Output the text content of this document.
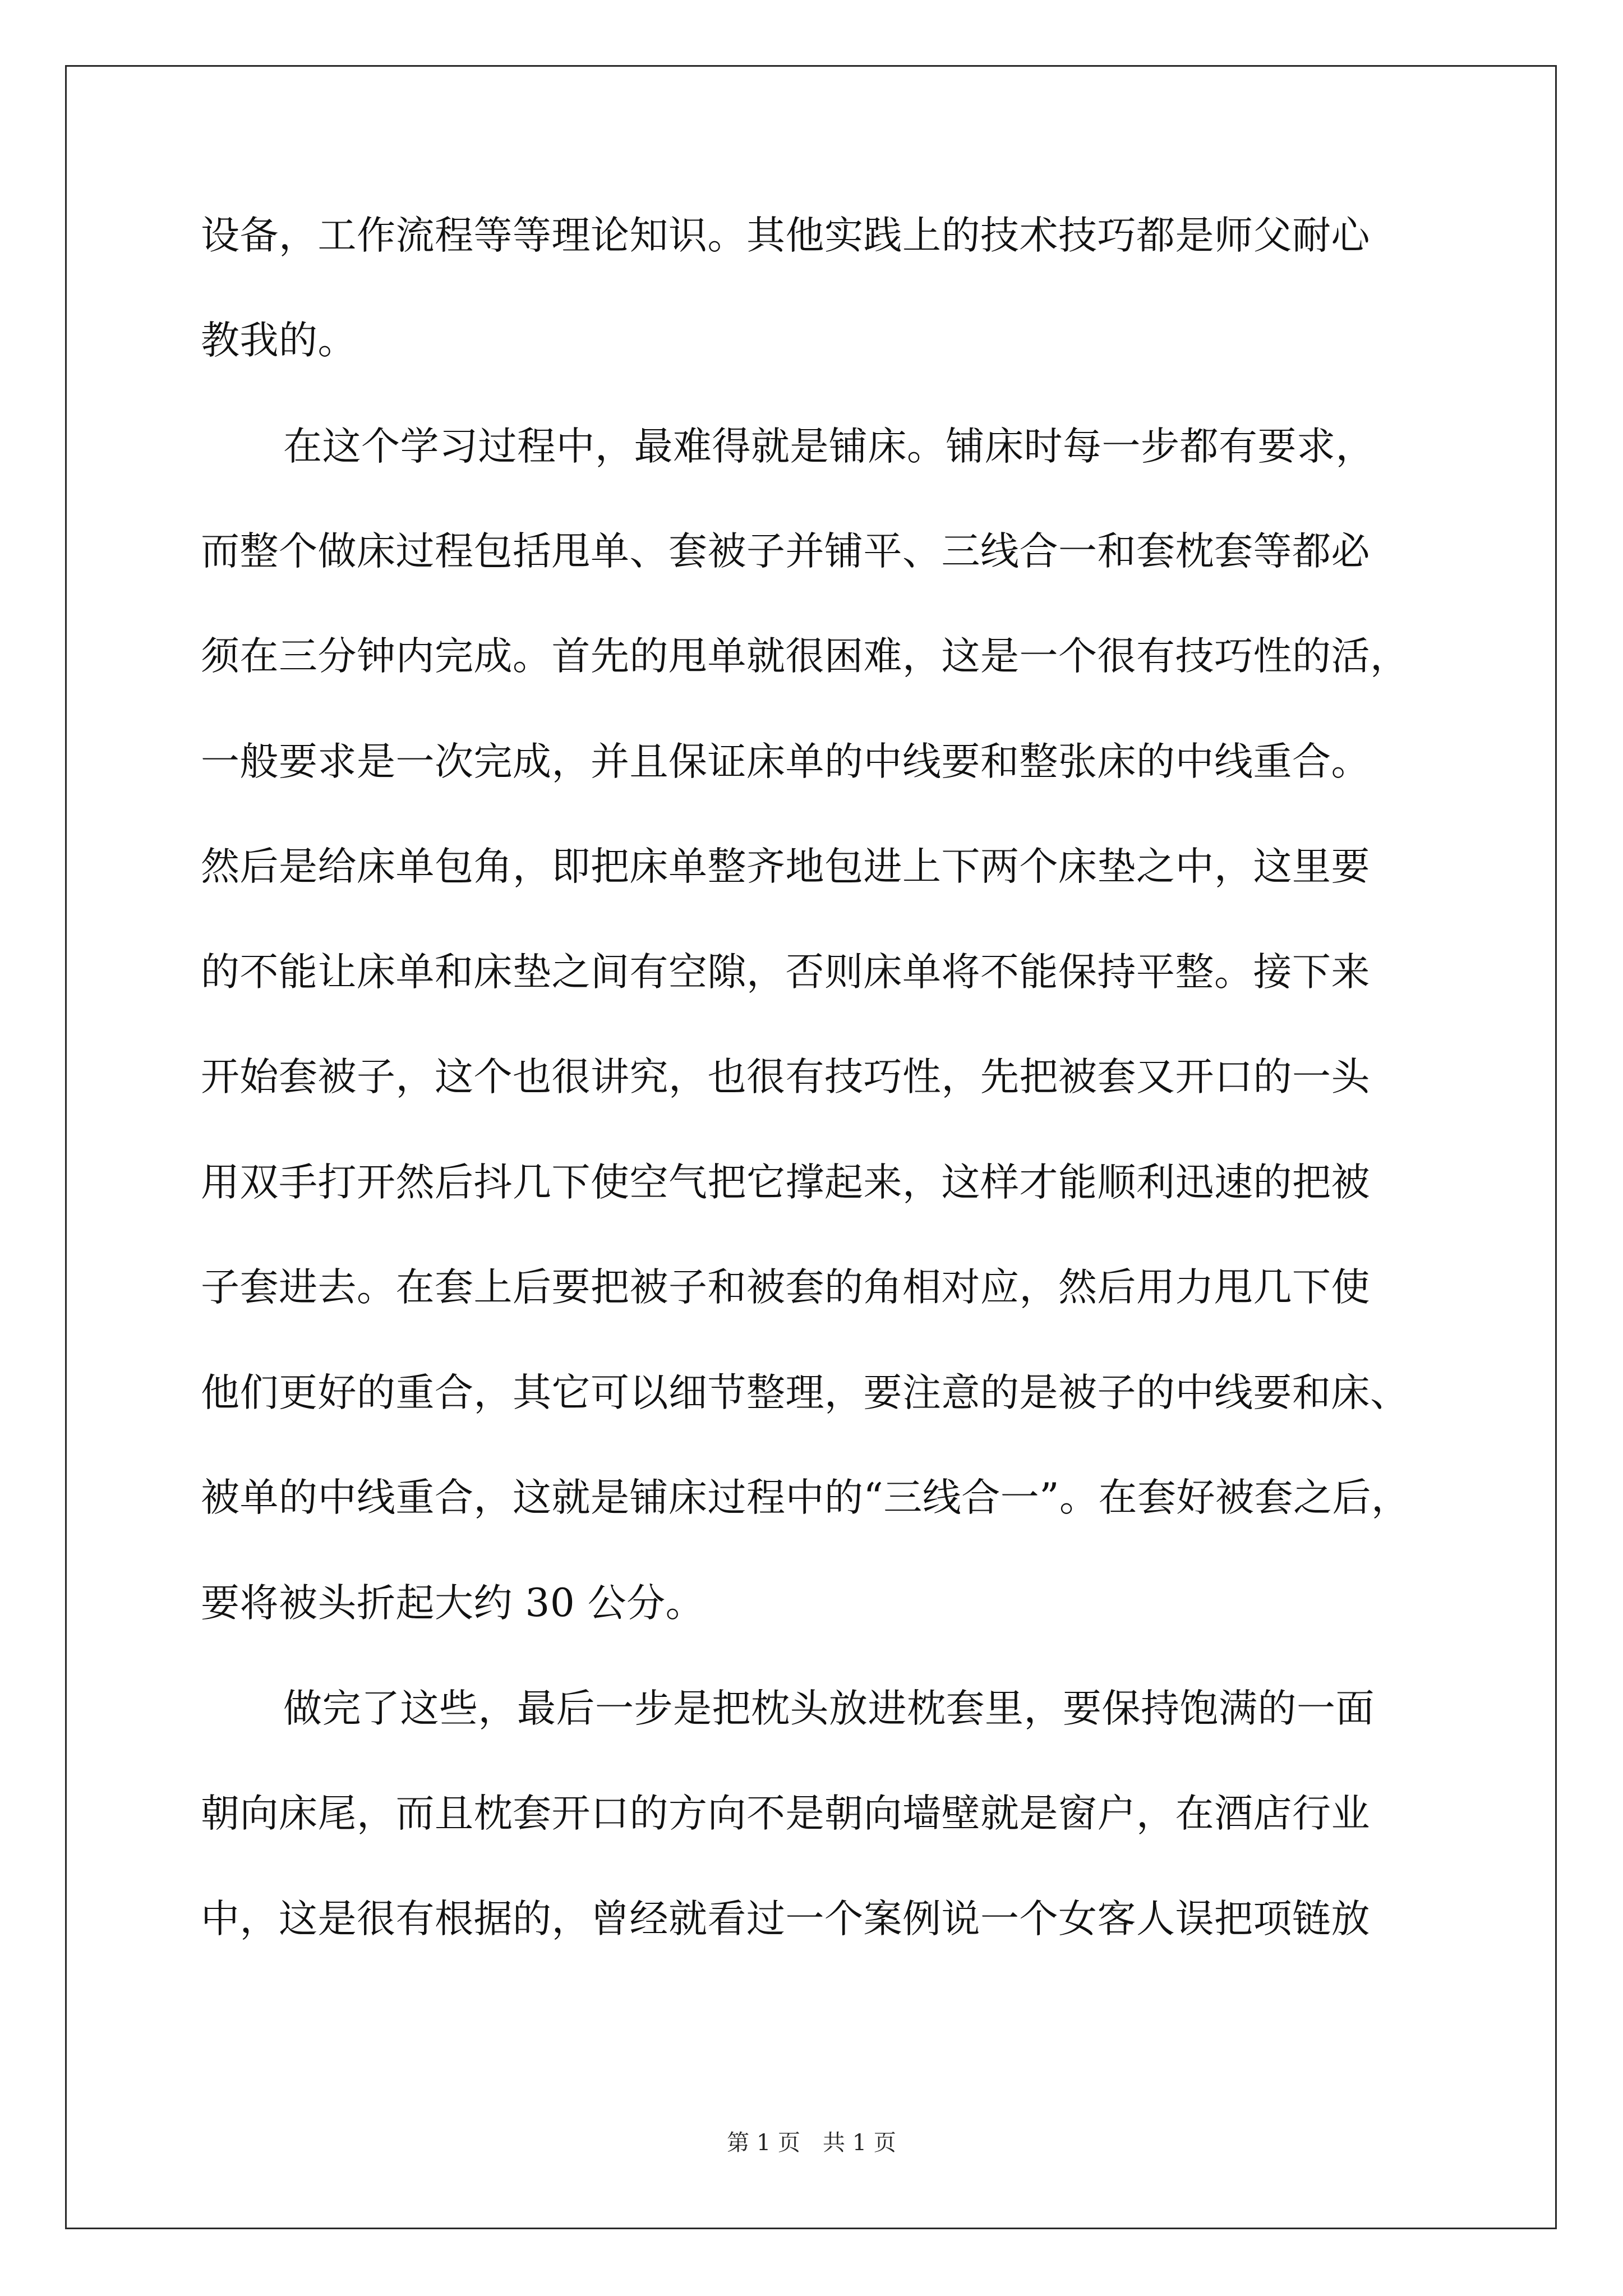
设备，工作流程等等理论知识。其他实践上的技术技巧都是师父耐心
教我的。
在这个学习过程中，最难得就是铺床。铺床时每一步都有要求，
而整个做床过程包括甩单、套被子并铺平、三线合一和套枕套等都必
须在三分钟内完成。首先的甩单就很困难，这是一个很有技巧性的活，
一般要求是一次完成，并且保证床单的中线要和整张床的中线重合。
然后是给床单包角，即把床单整齐地包进上下两个床垫之中，这里要
的不能让床单和床垫之间有空隙，否则床单将不能保持平整。接下来
开始套被子，这个也很讲究，也很有技巧性，先把被套又开口的一头
用双手打开然后抖几下使空气把它撑起来，这样才能顺利迅速的把被
子套进去。在套上后要把被子和被套的角相对应，然后用力甩几下使
他们更好的重合，其它可以细节整理，要注意的是被子的中线要和床、
被单的中线重合，这就是铺床过程中的“三线合一”。在套好被套之后，
要将被头折起大约 30 公分。
做完了这些，最后一步是把枕头放进枕套里，要保持饱满的一面
朝向床尾，而且枕套开口的方向不是朝向墙壁就是窗户，在酒店行业
中，这是很有根据的，曾经就看过一个案例说一个女客人误把项链放
第 1 页 共 1 页
